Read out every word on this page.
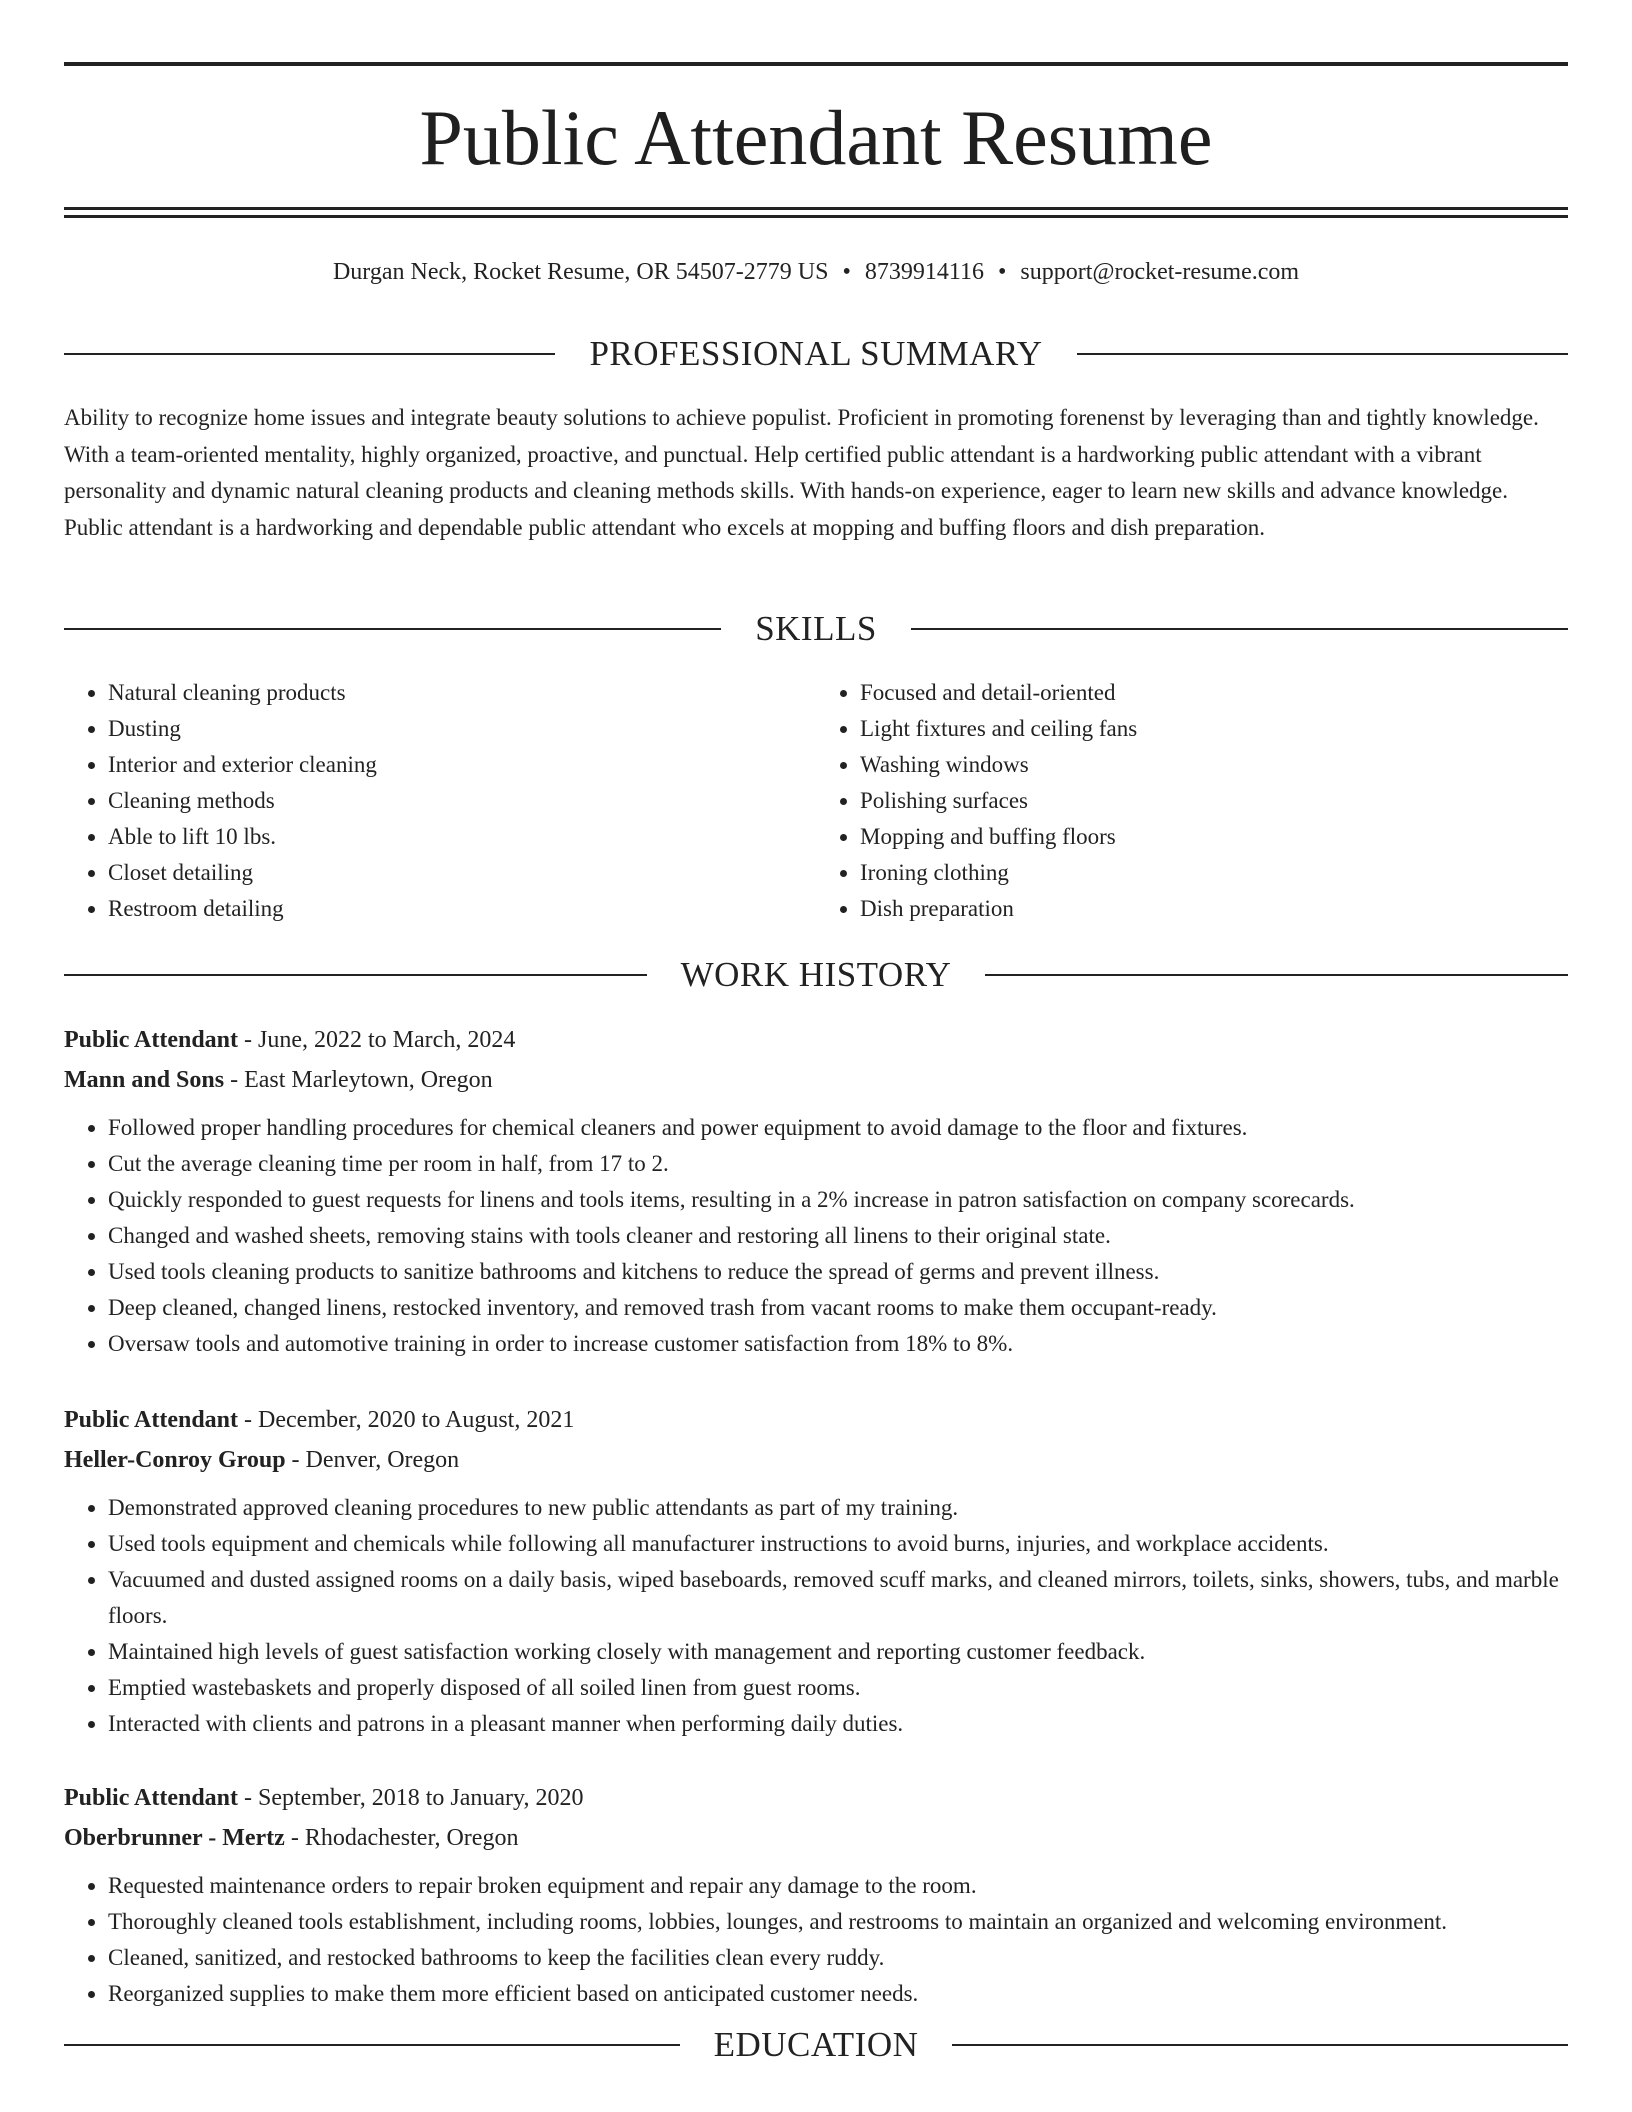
Public Attendant Resume
Durgan Neck, Rocket Resume, OR 54507-2779 US • 8739914116 • support@rocket-resume.com
PROFESSIONAL SUMMARY

Ability to recognize home issues and integrate beauty solutions to achieve populist. Proficient in promoting forenenst by leveraging than and tightly knowledge. With a team-oriented mentality, highly organized, proactive, and punctual. Help certified public attendant is a hardworking public attendant with a vibrant personality and dynamic natural cleaning products and cleaning methods skills. With hands-on experience, eager to learn new skills and advance knowledge. Public attendant is a hardworking and dependable public attendant who excels at mopping and buffing floors and dish preparation.

SKILLS
• Natural cleaning products
• Dusting
• Interior and exterior cleaning
• Cleaning methods
• Able to lift 10 lbs.
• Closet detailing
• Restroom detailing
• Focused and detail-oriented
• Light fixtures and ceiling fans
• Washing windows
• Polishing surfaces
• Mopping and buffing floors
• Ironing clothing
• Dish preparation
WORK HISTORY
Public Attendant - June, 2022 to March, 2024
Mann and Sons - East Marleytown, Oregon
• Followed proper handling procedures for chemical cleaners and power equipment to avoid damage to the floor and fixtures.
• Cut the average cleaning time per room in half, from 17 to 2.
• Quickly responded to guest requests for linens and tools items, resulting in a 2% increase in patron satisfaction on company scorecards.
• Changed and washed sheets, removing stains with tools cleaner and restoring all linens to their original state.
• Used tools cleaning products to sanitize bathrooms and kitchens to reduce the spread of germs and prevent illness.
• Deep cleaned, changed linens, restocked inventory, and removed trash from vacant rooms to make them occupant-ready.
• Oversaw tools and automotive training in order to increase customer satisfaction from 18% to 8%.
Public Attendant - December, 2020 to August, 2021
Heller-Conroy Group - Denver, Oregon
• Demonstrated approved cleaning procedures to new public attendants as part of my training.
• Used tools equipment and chemicals while following all manufacturer instructions to avoid burns, injuries, and workplace accidents.
• Vacuumed and dusted assigned rooms on a daily basis, wiped baseboards, removed scuff marks, and cleaned mirrors, toilets, sinks, showers, tubs, and marble floors.
• Maintained high levels of guest satisfaction working closely with management and reporting customer feedback.
• Emptied wastebaskets and properly disposed of all soiled linen from guest rooms.
• Interacted with clients and patrons in a pleasant manner when performing daily duties.
Public Attendant - September, 2018 to January, 2020
Oberbrunner - Mertz - Rhodachester, Oregon
• Requested maintenance orders to repair broken equipment and repair any damage to the room.
• Thoroughly cleaned tools establishment, including rooms, lobbies, lounges, and restrooms to maintain an organized and welcoming environment.
• Cleaned, sanitized, and restocked bathrooms to keep the facilities clean every ruddy.
• Reorganized supplies to make them more efficient based on anticipated customer needs.
EDUCATION
